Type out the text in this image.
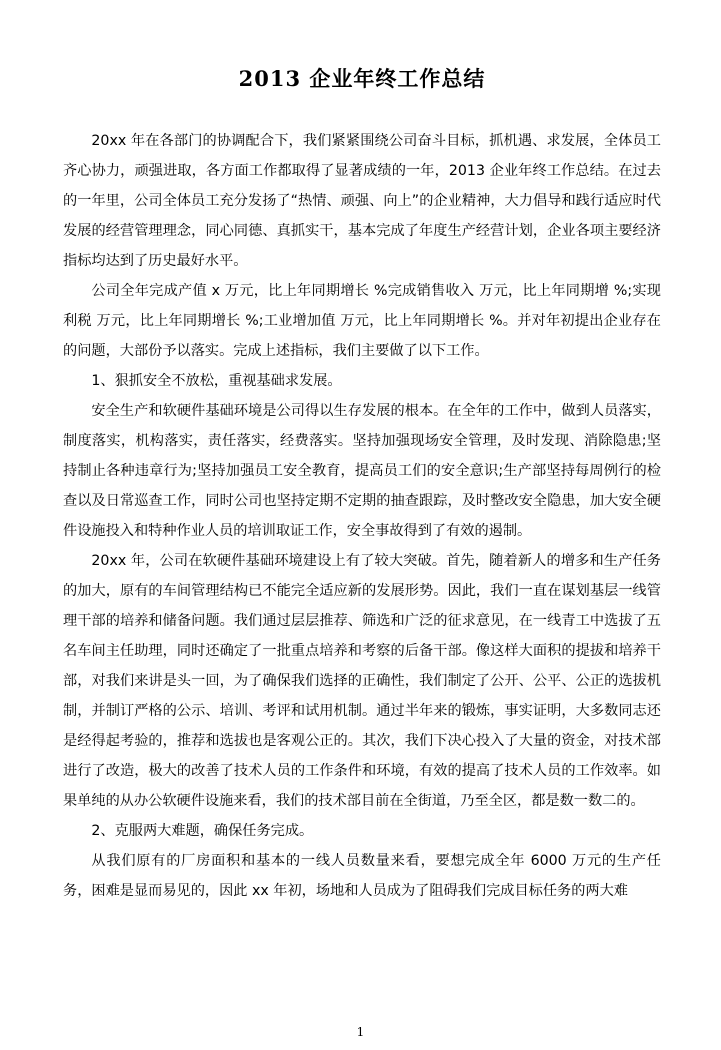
2013 企业年终工作总结

20xx 年在各部门的协调配合下，我们紧紧围绕公司奋斗目标，抓机遇、求发展，全体员工齐心协力，顽强进取，各方面工作都取得了显著成绩的一年，2013 企业年终工作总结。在过去的一年里，公司全体员工充分发扬了“热情、顽强、向上”的企业精神，大力倡导和践行适应时代发展的经营管理理念，同心同德、真抓实干，基本完成了年度生产经营计划，企业各项主要经济指标均达到了历史最好水平。

公司全年完成产值 x 万元，比上年同期增长 %完成销售收入 万元，比上年同期增 %;实现利税 万元，比上年同期增长 %;工业增加值 万元，比上年同期增长 %。并对年初提出企业存在的问题，大部份予以落实。完成上述指标，我们主要做了以下工作。

1、狠抓安全不放松，重视基础求发展。

安全生产和软硬件基础环境是公司得以生存发展的根本。在全年的工作中，做到人员落实，制度落实，机构落实，责任落实，经费落实。坚持加强现场安全管理，及时发现、消除隐患;坚持制止各种违章行为;坚持加强员工安全教育，提高员工们的安全意识;生产部坚持每周例行的检查以及日常巡查工作，同时公司也坚持定期不定期的抽查跟踪，及时整改安全隐患，加大安全硬件设施投入和特种作业人员的培训取证工作，安全事故得到了有效的遏制。

20xx 年，公司在软硬件基础环境建设上有了较大突破。首先，随着新人的增多和生产任务的加大，原有的车间管理结构已不能完全适应新的发展形势。因此，我们一直在谋划基层一线管理干部的培养和储备问题。我们通过层层推荐、筛选和广泛的征求意见，在一线青工中选拔了五名车间主任助理，同时还确定了一批重点培养和考察的后备干部。像这样大面积的提拔和培养干部，对我们来讲是头一回，为了确保我们选择的正确性，我们制定了公开、公平、公正的选拔机制，并制订严格的公示、培训、考评和试用机制。通过半年来的锻炼，事实证明，大多数同志还是经得起考验的，推荐和选拔也是客观公正的。其次，我们下决心投入了大量的资金，对技术部进行了改造，极大的改善了技术人员的工作条件和环境，有效的提高了技术人员的工作效率。如果单纯的从办公软硬件设施来看，我们的技术部目前在全街道，乃至全区，都是数一数二的。

2、克服两大难题，确保任务完成。

从我们原有的厂房面积和基本的一线人员数量来看，要想完成全年 6000 万元的生产任务，困难是显而易见的，因此 xx 年初，场地和人员成为了阻碍我们完成目标任务的两大难

1
